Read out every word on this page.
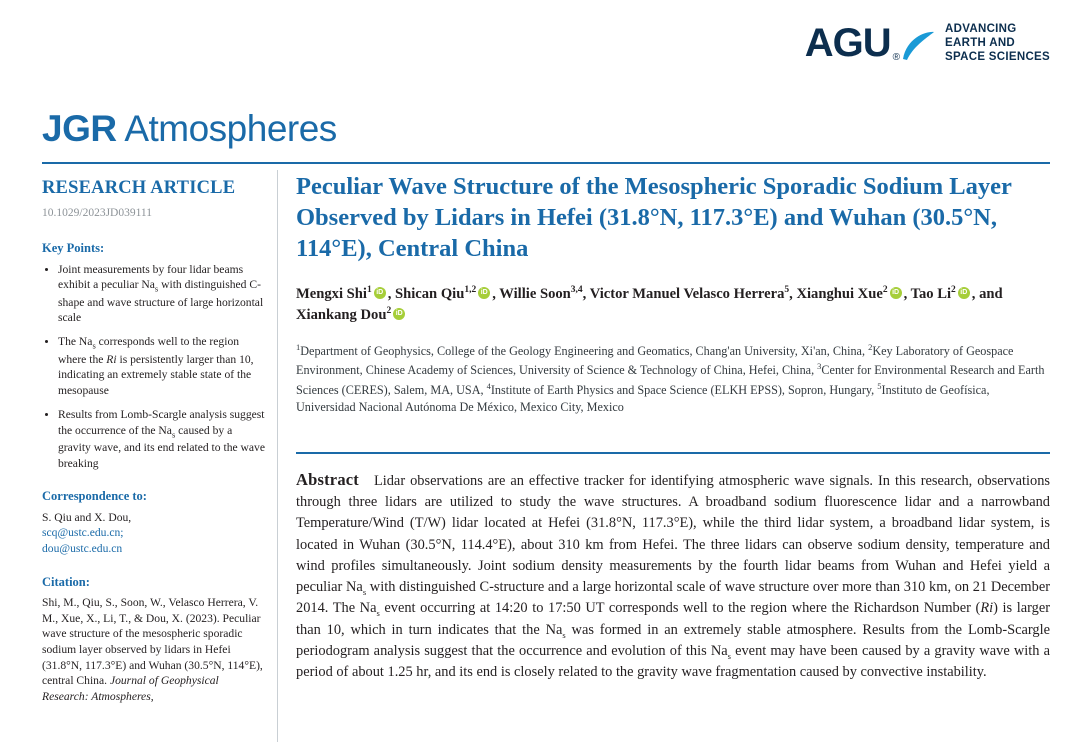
AGU ®
ADVANCING
EARTH AND
SPACE SCIENCES
JGR Atmospheres
RESEARCH ARTICLE
10.1029/2023JD039111
Key Points:
• Joint measurements by four lidar beams exhibit a peculiar $Na_s$ with distinguished C-shape and wave structure of large horizontal scale
• The $Na_s$ corresponds well to the region where the Ri is persistently larger than 10, indicating an extremely stable state of the mesopause
• Results from Lomb-Scargle analysis suggest the occurrence of the $Na_s$ caused by a gravity wave, and its end related to the wave breaking
Correspondence to:
S. Qiu and X. Dou,
scq@ustc.edu.cn;
dou@ustc.edu.cn
Citation:
Shi, M., Qiu, S., Soon, W., Velasco Herrera, V. M., Xue, X., Li, T., & Dou, X. (2023). Peculiar wave structure of the mesospheric sporadic sodium layer observed by lidars in Hefei (31.8°N, 117.3°E) and Wuhan (30.5°N, 114°E), central China. Journal of Geophysical Research: Atmospheres,
Peculiar Wave Structure of the Mesospheric Sporadic Sodium Layer Observed by Lidars in Hefei (31.8°N, 117.3°E) and Wuhan (30.5°N, 114°E), Central China
Mengxi Shi$^1$ iD , Shican Qiu$^{1,2}$ iD , Willie Soon$^{3,4}$, Victor Manuel Velasco Herrera$^5$, Xianghui Xue$^2$ iD , Tao Li$^2$ iD , and Xiankang Dou$^2$iD
$^1$Department of Geophysics, College of the Geology Engineering and Geomatics, Chang'an University, Xi'an, China, $^2$Key Laboratory of Geospace Environment, Chinese Academy of Sciences, University of Science & Technology of China, Hefei, China, $^3$Center for Environmental Research and Earth Sciences (CERES), Salem, MA, USA, $^4$Institute of Earth Physics and Space Science (ELKH EPSS), Sopron, Hungary, $^5$Instituto de Geofísica, Universidad Nacional Autónoma De México, Mexico City, Mexico
Abstract   Lidar observations are an effective tracker for identifying atmospheric wave signals. In this research, observations through three lidars are utilized to study the wave structures. A broadband sodium fluorescence lidar and a narrowband Temperature/Wind (T/W) lidar located at Hefei (31.8°N, 117.3°E), while the third lidar system, a broadband lidar system, is located in Wuhan (30.5°N, 114.4°E), about 310 km from Hefei. The three lidars can observe sodium density, temperature and wind profiles simultaneously. Joint sodium density measurements by the fourth lidar beams from Wuhan and Hefei yield a peculiar $Na_s$ with distinguished C-structure and a large horizontal scale of wave structure over more than 310 km, on 21 December 2014. The $Na_s$ event occurring at 14:20 to 17:50 UT corresponds well to the region where the Richardson Number (Ri) is larger than 10, which in turn indicates that the $Na_s$ was formed in an extremely stable atmosphere. Results from the Lomb-Scargle periodogram analysis suggest that the occurrence and evolution of this $Na_s$ event may have been caused by a gravity wave with a period of about 1.25 hr, and its end is closely related to the gravity wave fragmentation caused by convective instability.
